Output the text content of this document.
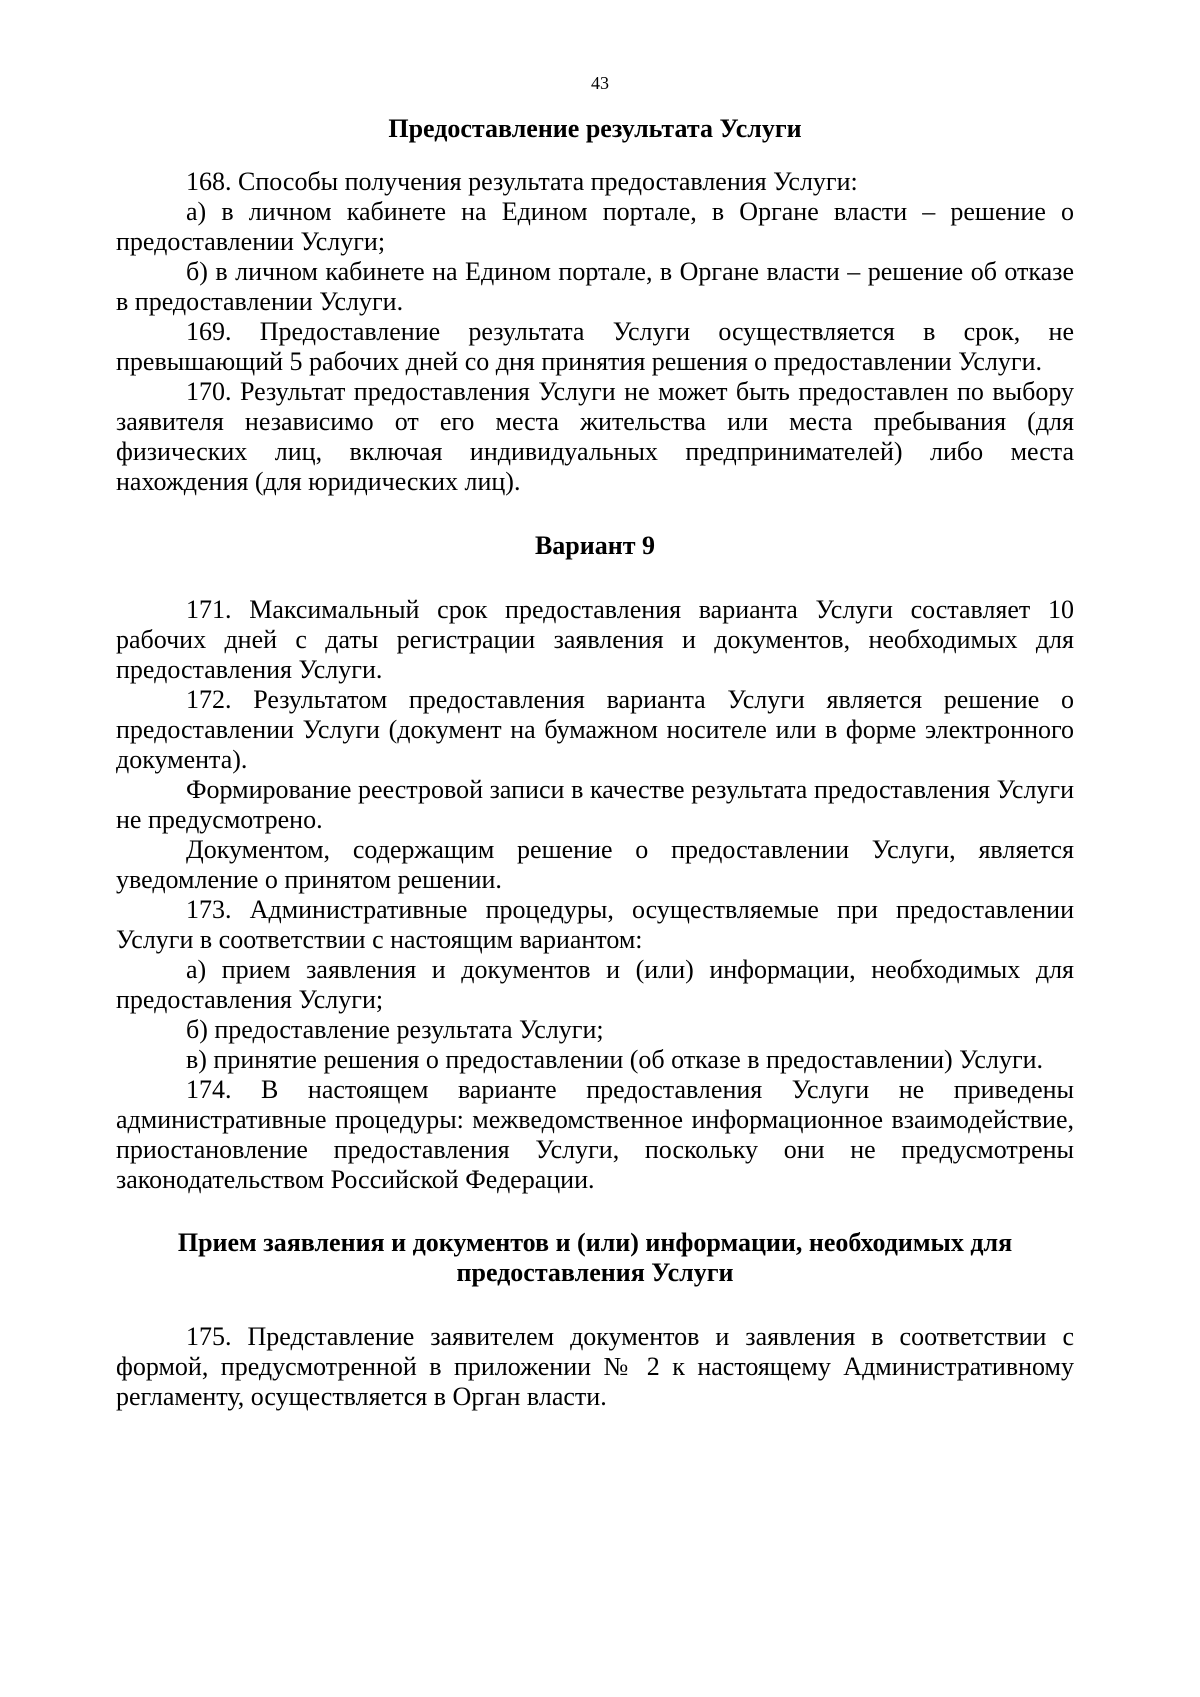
43

Предоставление результата Услуги

168. Способы получения результата предоставления Услуги:

а) в личном кабинете на Едином портале, в Органе власти – решение о предоставлении Услуги;

б) в личном кабинете на Едином портале, в Органе власти – решение об отказе в предоставлении Услуги.

169. Предоставление результата Услуги осуществляется в срок, не превышающий 5 рабочих дней со дня принятия решения о предоставлении Услуги.

170. Результат предоставления Услуги не может быть предоставлен по выбору заявителя независимо от его места жительства или места пребывания (для физических лиц, включая индивидуальных предпринимателей) либо места нахождения (для юридических лиц).

Вариант 9

171. Максимальный срок предоставления варианта Услуги составляет 10 рабочих дней с даты регистрации заявления и документов, необходимых для предоставления Услуги.

172. Результатом предоставления варианта Услуги является решение о предоставлении Услуги (документ на бумажном носителе или в форме электронного документа).

Формирование реестровой записи в качестве результата предоставления Услуги не предусмотрено.

Документом, содержащим решение о предоставлении Услуги, является уведомление о принятом решении.

173. Административные процедуры, осуществляемые при предоставлении Услуги в соответствии с настоящим вариантом:

а) прием заявления и документов и (или) информации, необходимых для предоставления Услуги;

б) предоставление результата Услуги;

в) принятие решения о предоставлении (об отказе в предоставлении) Услуги.

174. В настоящем варианте предоставления Услуги не приведены административные процедуры: межведомственное информационное взаимодействие, приостановление предоставления Услуги, поскольку они не предусмотрены законодательством Российской Федерации.

Прием заявления и документов и (или) информации, необходимых для
предоставления Услуги

175. Представление заявителем документов и заявления в соответствии с формой, предусмотренной в приложении № 2 к настоящему Административному регламенту, осуществляется в Орган власти.
